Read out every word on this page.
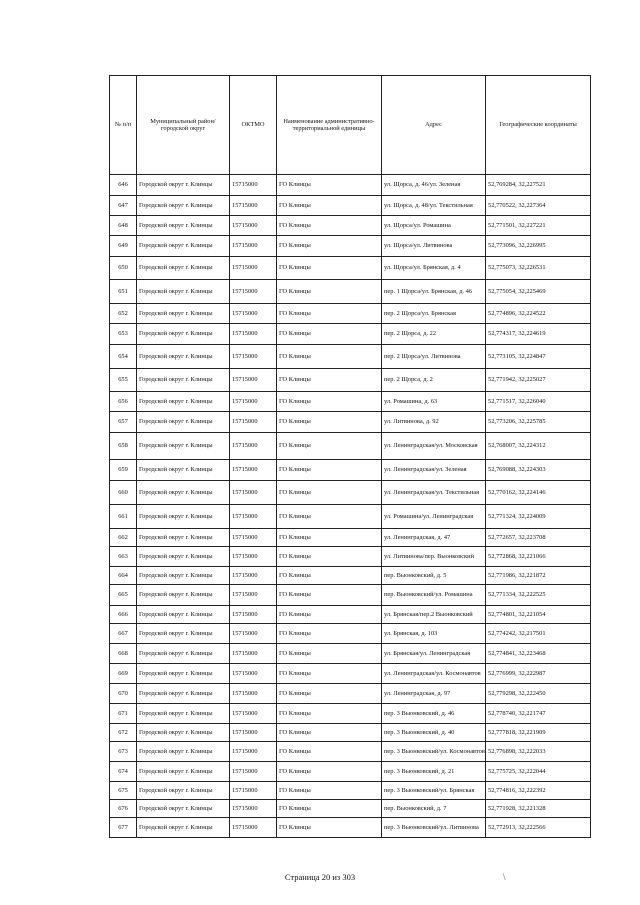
№ п/п	Муниципальный район/городской округ	ОКТМО	Наименование административно-территориальной единицы	Адрес	Географические координаты
646	Городской округ г. Клинцы	15715000	ГО Клинцы	ул. Щорса, д. 46/ул. Зеленая	52,769284, 32,227521
647	Городской округ г. Клинцы	15715000	ГО Клинцы	ул. Щорса, д. 48/ул. Текстильная	52,770522, 32,227364
648	Городской округ г. Клинцы	15715000	ГО Клинцы	ул. Щорса/ул. Ромашина	52,771501, 32,227221
649	Городской округ г. Клинцы	15715000	ГО Клинцы	ул. Щорса/ул. Литвинова	52,773096, 32,226995
650	Городской округ г. Клинцы	15715000	ГО Клинцы	ул. Щорса/ул. Брянская, д. 4	52,775073, 32,226531
651	Городской округ г. Клинцы	15715000	ГО Клинцы	пер. 1 Щорса/ул. Брянская, д. 46	52,775054, 32,225469
652	Городской округ г. Клинцы	15715000	ГО Клинцы	пер. 2 Щорса/ул. Брянская	52,774896, 32,224522
653	Городской округ г. Клинцы	15715000	ГО Клинцы	пер. 2 Щорса, д. 22	52,774317, 32,224619
654	Городской округ г. Клинцы	15715000	ГО Клинцы	пер. 2 Щорса/ул. Литвинова	52,773105, 32,224847
655	Городской округ г. Клинцы	15715000	ГО Клинцы	пер. 2 Щорса, д. 2	52,771942, 32,225027
656	Городской округ г. Клинцы	15715000	ГО Клинцы	ул. Ромашина, д. 63	52,771517, 32,226040
657	Городской округ г. Клинцы	15715000	ГО Клинцы	ул. Литвинова, д. 92	52,773206, 32,225785
658	Городской округ г. Клинцы	15715000	ГО Клинцы	ул. Ленинградская/ул. Московская	52,768007, 32,224312
659	Городской округ г. Клинцы	15715000	ГО Клинцы	ул. Ленинградская/ул. Зеленая	52,769088, 32,224303
660	Городской округ г. Клинцы	15715000	ГО Клинцы	ул. Ленинградская/ул. Текстильная	52,770162, 32,224146
661	Городской округ г. Клинцы	15715000	ГО Клинцы	ул. Ромашина/ул. Ленинградская	52,771324, 32,224009
662	Городской округ г. Клинцы	15715000	ГО Клинцы	ул. Ленинградская, д. 47	52,772657, 32,223708
663	Городской округ г. Клинцы	15715000	ГО Клинцы	ул. Литвинова/пер. Выонковский	52,772868, 32,221066
664	Городской округ г. Клинцы	15715000	ГО Клинцы	пер. Выонковский, д. 5	52,771986, 32,221872
665	Городской округ г. Клинцы	15715000	ГО Клинцы	пер. Выонковский/ул. Ромашина	52,771334, 32,222525
666	Городской округ г. Клинцы	15715000	ГО Клинцы	ул. Брянская/пер.2 Выонковский	52,774801, 32,221054
667	Городской округ г. Клинцы	15715000	ГО Клинцы	ул. Брянская, д. 103	52,774242, 32,217501
668	Городской округ г. Клинцы	15715000	ГО Клинцы	ул. Брянская/ул. Ленинградская	52,774841, 32,223468
669	Городской округ г. Клинцы	15715000	ГО Клинцы	ул. Ленинградская/ул. Космонавтов	52,776999, 32,222987
670	Городской округ г. Клинцы	15715000	ГО Клинцы	ул. Ленинградская, д. 97	52,779298, 32,222450
671	Городской округ г. Клинцы	15715000	ГО Клинцы	пер. 3 Выонковский, д. 46	52,778740, 32,221747
672	Городской округ г. Клинцы	15715000	ГО Клинцы	пер. 3 Выонковский, д. 40	52,777818, 32,221909
673	Городской округ г. Клинцы	15715000	ГО Клинцы	пер. 3 Выонковский/ул. Космонавтов	52,776898, 32,222033
674	Городской округ г. Клинцы	15715000	ГО Клинцы	пер. 3 Выонковский, д. 21	52,775725, 32,222044
675	Городской округ г. Клинцы	15715000	ГО Клинцы	пер. 3 Выонковский/ул. Брянская	52,774816, 32,222392
676	Городской округ г. Клинцы	15715000	ГО Клинцы	пер. Выонковский, д. 7	52,771928, 32,221328
677	Городской округ г. Клинцы	15715000	ГО Клинцы	пер. 3 Выонковский/ул. Литвинова	52,772913, 32,222566
Страница 20 из 303	\
